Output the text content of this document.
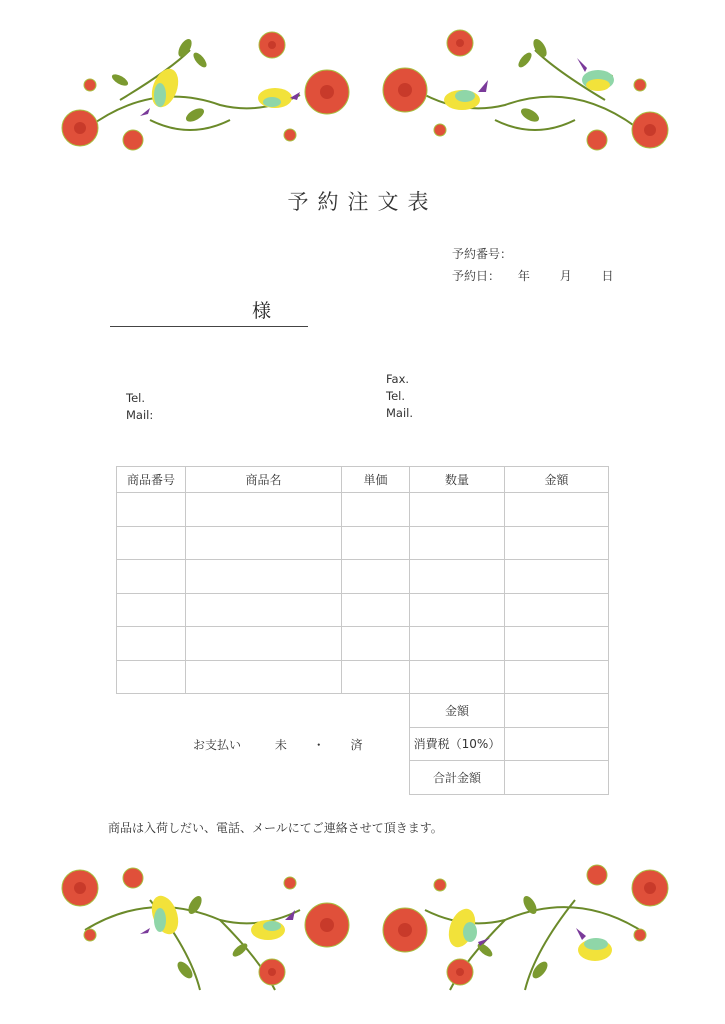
予約注文表
予約番号：
予約日： 年 月 日
様
Tel.
Mail:
Fax.
Tel.
Mail.
商品番号	商品名	単価	数量	金額

			金額	
			消費税（10%）	
			合計金額	
お支払い	未 ・ 済
商品は入荷しだい、電話、メールにてご連絡させて頂きます。
